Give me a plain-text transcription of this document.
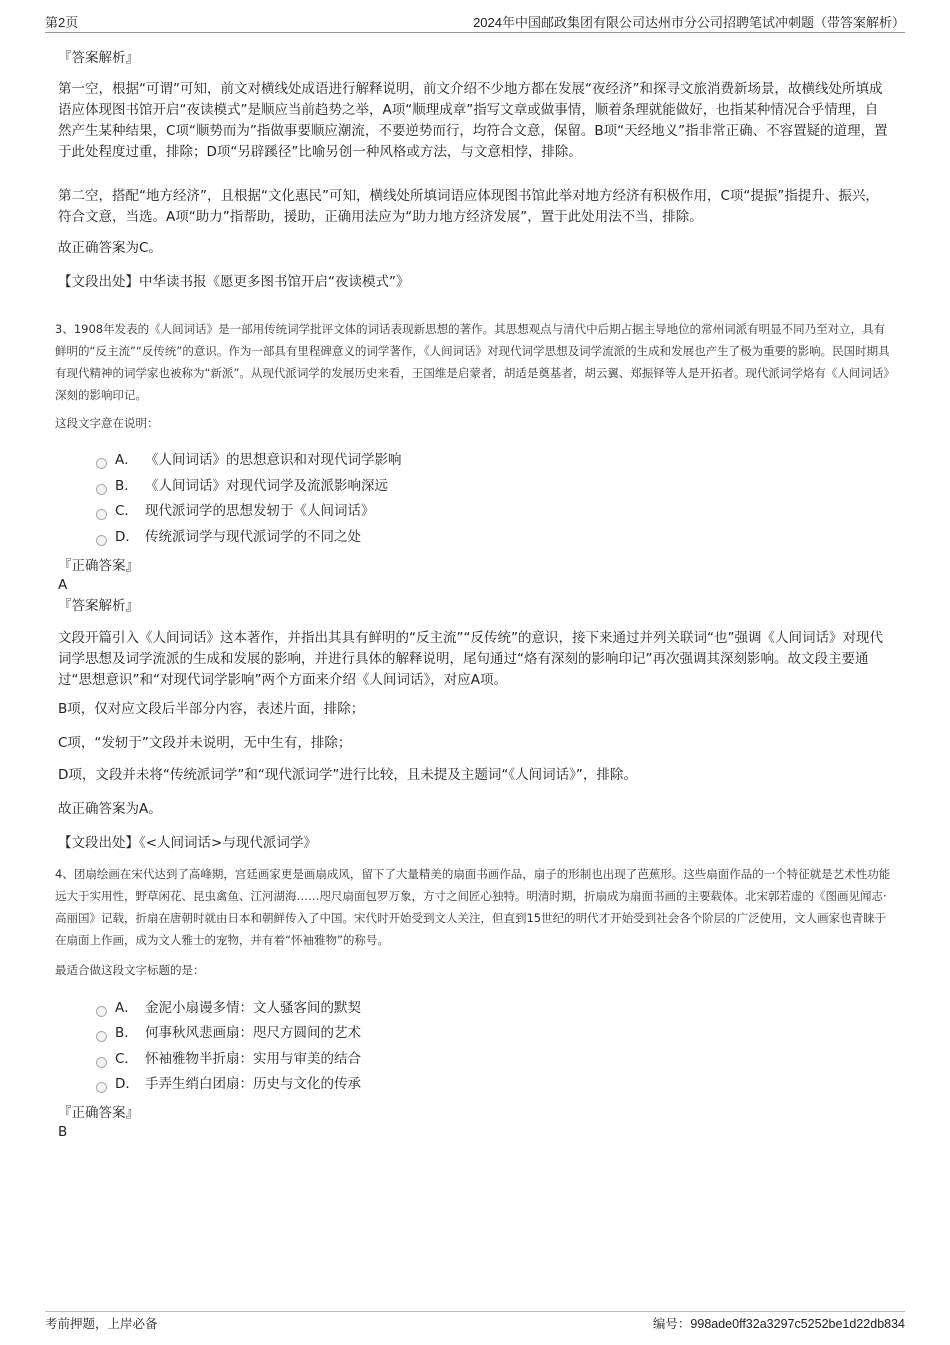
第2页	2024年中国邮政集团有限公司达州市分公司招聘笔试冲刺题（带答案解析）
『答案解析』
第一空，根据“可谓”可知，前文对横线处成语进行解释说明，前文介绍不少地方都在发展“夜经济”和探寻文旅消费新场景，故横线处所填成语应体现图书馆开启“夜读模式”是顺应当前趋势之举，A项“顺理成章”指写文章或做事情，顺着条理就能做好，也指某种情况合乎情理，自然产生某种结果，C项“顺势而为”指做事要顺应潮流，不要逆势而行，均符合文意，保留。B项“天经地义”指非常正确、不容置疑的道理，置于此处程度过重，排除；D项“另辟蹊径”比喻另创一种风格或方法，与文意相悖，排除。
第二空，搭配“地方经济”，且根据“文化惠民”可知，横线处所填词语应体现图书馆此举对地方经济有积极作用，C项“提振”指提升、振兴，符合文意，当选。A项“助力”指帮助，援助，正确用法应为“助力地方经济发展”，置于此处用法不当，排除。
故正确答案为C。
【文段出处】中华读书报《愿更多图书馆开启“夜读模式”》
3、1908年发表的《人间词话》是一部用传统词学批评文体的词话表现新思想的著作。其思想观点与清代中后期占据主导地位的常州词派有明显不同乃至对立，具有鲜明的“反主流”“反传统”的意识。作为一部具有里程碑意义的词学著作，《人间词话》对现代词学思想及词学流派的生成和发展也产生了极为重要的影响。民国时期具有现代精神的词学家也被称为“新派”。从现代派词学的发展历史来看，王国维是启蒙者，胡适是奠基者，胡云翼、郑振铎等人是开拓者。现代派词学烙有《人间词话》深刻的影响印记。
这段文字意在说明：
A． 《人间词话》的思想意识和对现代词学影响
B． 《人间词话》对现代词学及流派影响深远
C． 现代派词学的思想发轫于《人间词话》
D． 传统派词学与现代派词学的不同之处
『正确答案』
A
『答案解析』
文段开篇引入《人间词话》这本著作，并指出其具有鲜明的“反主流”“反传统”的意识，接下来通过并列关联词“也”强调《人间词话》对现代词学思想及词学流派的生成和发展的影响，并进行具体的解释说明，尾句通过“烙有深刻的影响印记”再次强调其深刻影响。故文段主要通过“思想意识”和“对现代词学影响”两个方面来介绍《人间词话》，对应A项。
B项，仅对应文段后半部分内容，表述片面，排除；
C项，“发轫于”文段并未说明，无中生有，排除；
D项，文段并未将“传统派词学”和“现代派词学”进行比较，且未提及主题词“《人间词话》”，排除。
故正确答案为A。
【文段出处】《<人间词话>与现代派词学》
4、团扇绘画在宋代达到了高峰期，宫廷画家更是画扇成风，留下了大量精美的扇面书画作品，扇子的形制也出现了芭蕉形。这些扇面作品的一个特征就是艺术性功能远大于实用性，野草闲花、昆虫禽鱼、江河湖海……咫尺扇面包罗万象，方寸之间匠心独特。明清时期，折扇成为扇面书画的主要载体。北宋郭若虚的《图画见闻志·高丽国》记载，折扇在唐朝时就由日本和朝鲜传入了中国。宋代时开始受到文人关注，但直到15世纪的明代才开始受到社会各个阶层的广泛使用，文人画家也青睐于在扇面上作画，成为文人雅士的宠物，并有着“怀袖雅物”的称号。
最适合做这段文字标题的是：
A． 金泥小扇谩多情：文人骚客间的默契
B． 何事秋风悲画扇：咫尺方圆间的艺术
C． 怀袖雅物半折扇：实用与审美的结合
D． 手弄生绡白团扇：历史与文化的传承
『正确答案』
B
考前押题，上岸必备	编号：998ade0ff32a3297c5252be1d22db834
